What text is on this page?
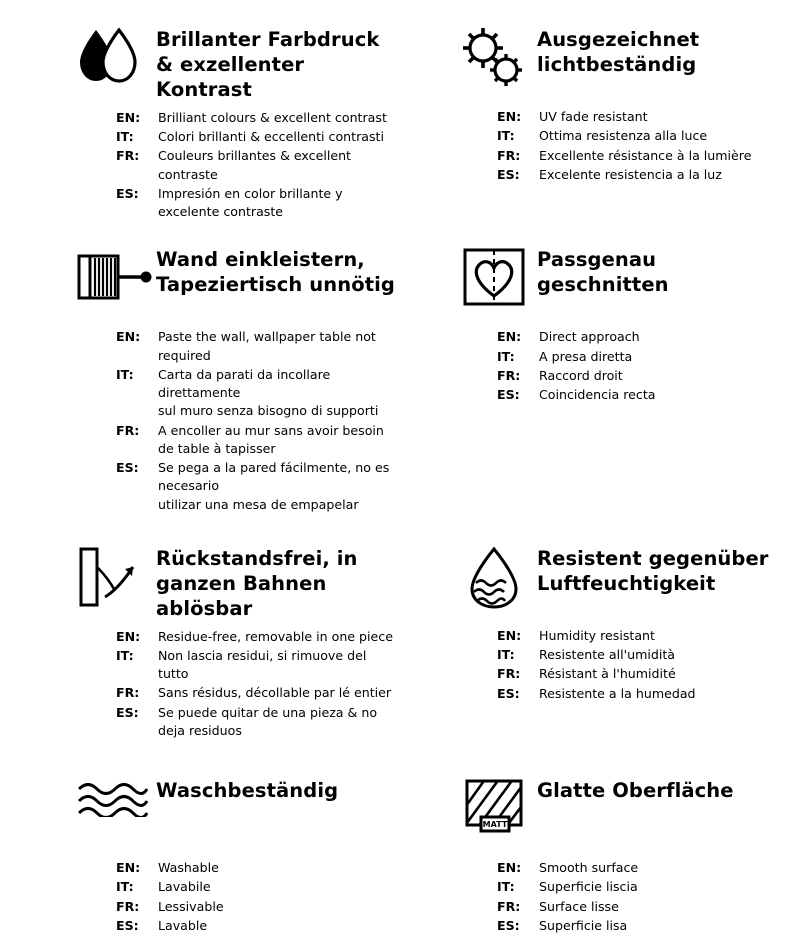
Brillanter Farbdruck & exzellenter Kontrast
EN:	Brilliant colours & excellent contrast
IT:	Colori brillanti & eccellenti contrasti
FR:	Couleurs brillantes & excellent contraste
ES:	Impresión en color brillante y excelente contraste
Ausgezeichnet lichtbeständig
EN:	UV fade resistant
IT:	Ottima resistenza alla luce
FR:	Excellente résistance à la lumière
ES:	Excelente resistencia a la luz
Wand einkleistern, Tapeziertisch unnötig
EN:	Paste the wall, wallpaper table not required
IT:	Carta da parati da incollare direttamente
sul muro senza bisogno di supporti
FR:	A encoller au mur sans avoir besoin de table à tapisser
ES:	Se pega a la pared fácilmente, no es necesario
utilizar una mesa de empapelar
Passgenau geschnitten
EN:	Direct approach
IT:	A presa diretta
FR:	Raccord droit
ES:	Coincidencia recta
Rückstandsfrei, in ganzen Bahnen ablösbar
EN:	Residue-free, removable in one piece
IT:	Non lascia residui, si rimuove del tutto
FR:	Sans résidus, décollable par lé entier
ES:	Se puede quitar de una pieza & no deja residuos
Resistent gegenüber Luftfeuchtigkeit
EN:	Humidity resistant
IT:	Resistente all'umidità
FR:	Résistant à l'humidité
ES:	Resistente a la humedad
Waschbeständig
EN:	Washable
IT:	Lavabile
FR:	Lessivable
ES:	Lavable
MATT
Glatte Oberfläche
EN:	Smooth surface
IT:	Superficie liscia
FR:	Surface lisse
ES:	Superficie lisa
